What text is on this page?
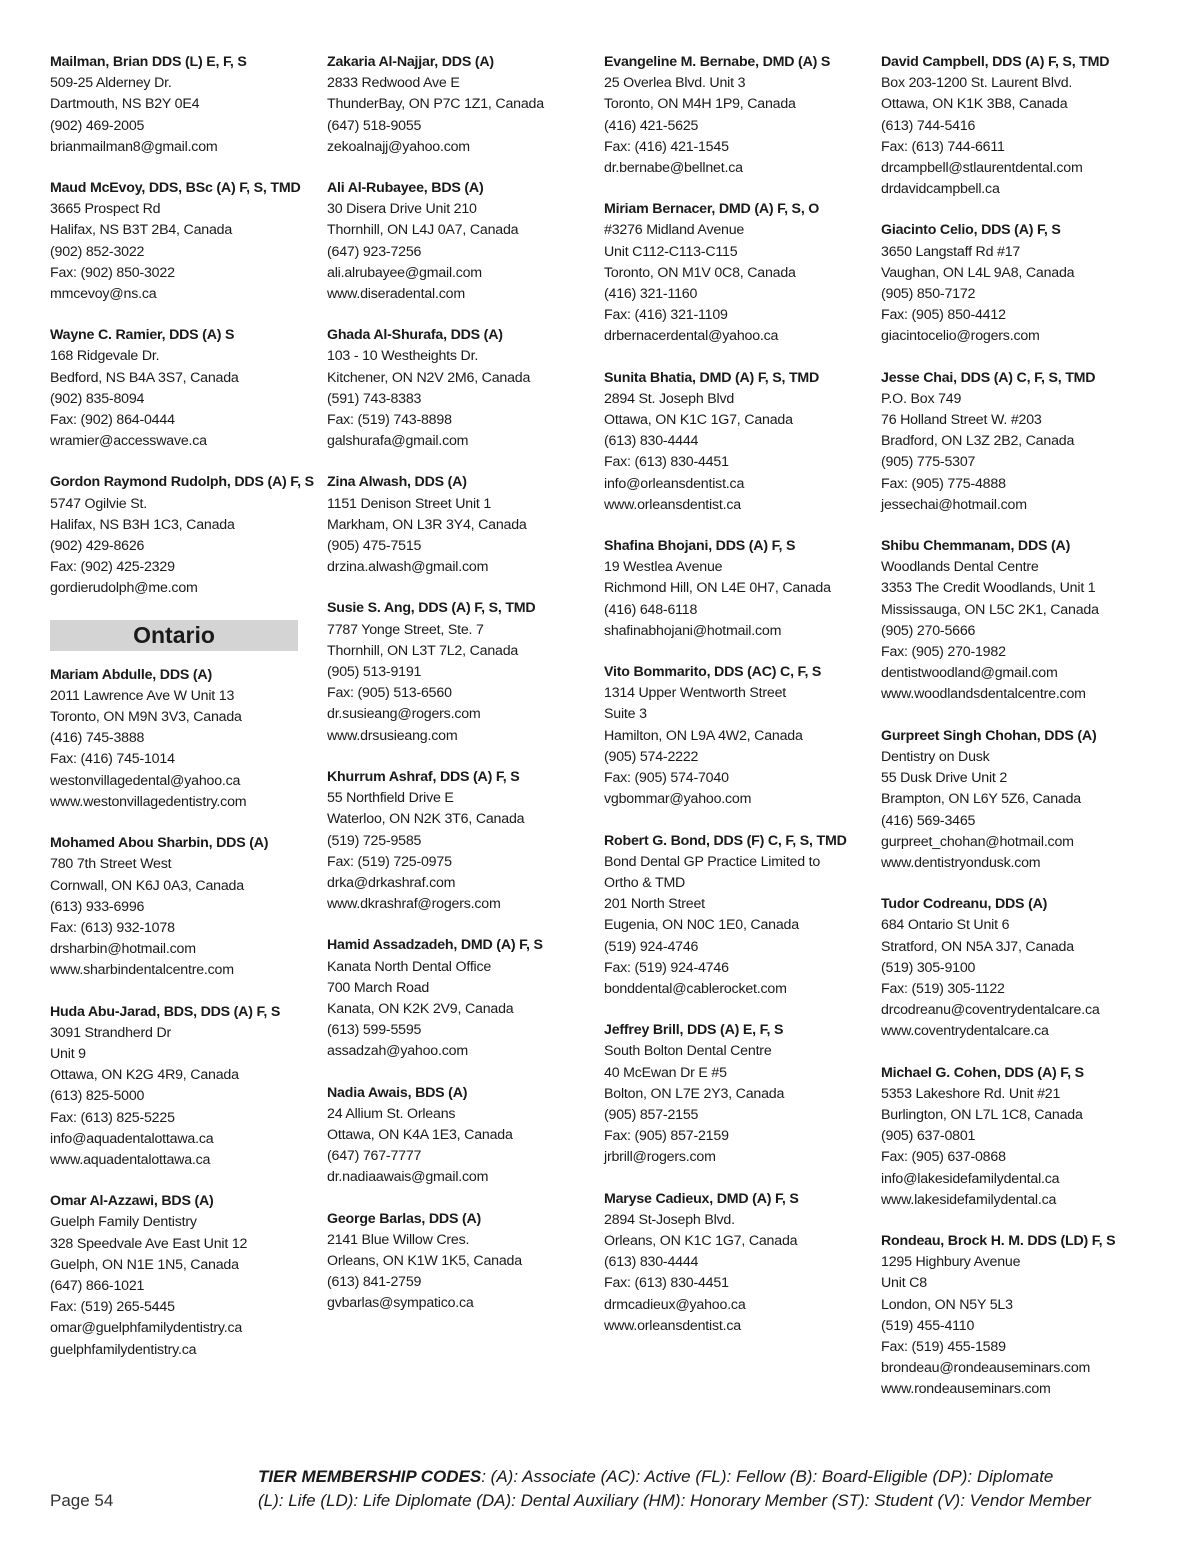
Mailman, Brian DDS (L) E, F, S
509-25 Alderney Dr.
Dartmouth, NS B2Y 0E4
(902) 469-2005
brianmailman8@gmail.com
Maud McEvoy, DDS, BSc (A) F, S, TMD
3665 Prospect Rd
Halifax, NS B3T 2B4, Canada
(902) 852-3022
Fax: (902) 850-3022
mmcevoy@ns.ca
Wayne C. Ramier, DDS (A) S
168 Ridgevale Dr.
Bedford, NS B4A 3S7, Canada
(902) 835-8094
Fax: (902) 864-0444
wramier@accesswave.ca
Gordon Raymond Rudolph, DDS (A) F, S
5747 Ogilvie St.
Halifax, NS B3H 1C3, Canada
(902) 429-8626
Fax: (902) 425-2329
gordierudolph@me.com
Ontario
Mariam Abdulle, DDS (A)
2011 Lawrence Ave W Unit 13
Toronto, ON M9N 3V3, Canada
(416) 745-3888
Fax: (416) 745-1014
westonvillagedental@yahoo.ca
www.westonvillagedentistry.com
Mohamed Abou Sharbin, DDS (A)
780 7th Street West
Cornwall, ON K6J 0A3, Canada
(613) 933-6996
Fax: (613) 932-1078
drsharbin@hotmail.com
www.sharbindentalcentre.com
Huda Abu-Jarad, BDS, DDS (A) F, S
3091 Strandherd Dr
Unit 9
Ottawa, ON K2G 4R9, Canada
(613) 825-5000
Fax: (613) 825-5225
info@aquadentalottawa.ca
www.aquadentalottawa.ca
Omar Al-Azzawi, BDS (A)
Guelph Family Dentistry
328 Speedvale Ave East Unit 12
Guelph, ON N1E 1N5, Canada
(647) 866-1021
Fax: (519) 265-5445
omar@guelphfamilydentistry.ca
guelphfamilydentistry.ca
Zakaria Al-Najjar, DDS (A)
2833 Redwood Ave E
ThunderBay, ON P7C 1Z1, Canada
(647) 518-9055
zekoalnajj@yahoo.com
Ali Al-Rubayee, BDS (A)
30 Disera Drive Unit 210
Thornhill, ON L4J 0A7, Canada
(647) 923-7256
ali.alrubayee@gmail.com
www.diseradental.com
Ghada Al-Shurafa, DDS (A)
103 - 10 Westheights Dr.
Kitchener, ON N2V 2M6, Canada
(591) 743-8383
Fax: (519) 743-8898
galshurafa@gmail.com
Zina Alwash, DDS (A)
1151 Denison Street Unit 1
Markham, ON L3R 3Y4, Canada
(905) 475-7515
drzina.alwash@gmail.com
Susie S. Ang, DDS (A) F, S, TMD
7787 Yonge Street, Ste. 7
Thornhill, ON L3T 7L2, Canada
(905) 513-9191
Fax: (905) 513-6560
dr.susieang@rogers.com
www.drsusieang.com
Khurrum Ashraf, DDS (A) F, S
55 Northfield Drive E
Waterloo, ON N2K 3T6, Canada
(519) 725-9585
Fax: (519) 725-0975
drka@drkashraf.com
www.dkrashraf@rogers.com
Hamid Assadzadeh, DMD (A) F, S
Kanata North Dental Office
700 March Road
Kanata, ON K2K 2V9, Canada
(613) 599-5595
assadzah@yahoo.com
Nadia Awais, BDS (A)
24 Allium St. Orleans
Ottawa, ON K4A 1E3, Canada
(647) 767-7777
dr.nadiaawais@gmail.com
George Barlas, DDS (A)
2141 Blue Willow Cres.
Orleans, ON K1W 1K5, Canada
(613) 841-2759
gvbarlas@sympatico.ca
Evangeline M. Bernabe, DMD (A) S
25 Overlea Blvd. Unit 3
Toronto, ON M4H 1P9, Canada
(416) 421-5625
Fax: (416) 421-1545
dr.bernabe@bellnet.ca
Miriam Bernacer, DMD (A) F, S, O
#3276 Midland Avenue
Unit C112-C113-C115
Toronto, ON M1V 0C8, Canada
(416) 321-1160
Fax: (416) 321-1109
drbernacerdental@yahoo.ca
Sunita Bhatia, DMD (A) F, S, TMD
2894 St. Joseph Blvd
Ottawa, ON K1C 1G7, Canada
(613) 830-4444
Fax: (613) 830-4451
info@orleansdentist.ca
www.orleansdentist.ca
Shafina Bhojani, DDS (A) F, S
19 Westlea Avenue
Richmond Hill, ON L4E 0H7, Canada
(416) 648-6118
shafinabhojani@hotmail.com
Vito Bommarito, DDS (AC) C, F, S
1314 Upper Wentworth Street
Suite 3
Hamilton, ON L9A 4W2, Canada
(905) 574-2222
Fax: (905) 574-7040
vgbommar@yahoo.com
Robert G. Bond, DDS (F) C, F, S, TMD
Bond Dental GP Practice Limited to
Ortho & TMD
201 North Street
Eugenia, ON N0C 1E0, Canada
(519) 924-4746
Fax: (519) 924-4746
bonddental@cablerocket.com
Jeffrey Brill, DDS (A) E, F, S
South Bolton Dental Centre
40 McEwan Dr E #5
Bolton, ON L7E 2Y3, Canada
(905) 857-2155
Fax: (905) 857-2159
jrbrill@rogers.com
Maryse Cadieux, DMD (A) F, S
2894 St-Joseph Blvd.
Orleans, ON K1C 1G7, Canada
(613) 830-4444
Fax: (613) 830-4451
drmcadieux@yahoo.ca
www.orleansdentist.ca
David Campbell, DDS (A) F, S, TMD
Box 203-1200 St. Laurent Blvd.
Ottawa, ON K1K 3B8, Canada
(613) 744-5416
Fax: (613) 744-6611
drcampbell@stlaurentdental.com
drdavidcampbell.ca
Giacinto Celio, DDS (A) F, S
3650 Langstaff Rd #17
Vaughan, ON L4L 9A8, Canada
(905) 850-7172
Fax: (905) 850-4412
giacintocelio@rogers.com
Jesse Chai, DDS (A) C, F, S, TMD
P.O. Box 749
76 Holland Street W. #203
Bradford, ON L3Z 2B2, Canada
(905) 775-5307
Fax: (905) 775-4888
jessechai@hotmail.com
Shibu Chemmanam, DDS (A)
Woodlands Dental Centre
3353 The Credit Woodlands, Unit 1
Mississauga, ON L5C 2K1, Canada
(905) 270-5666
Fax: (905) 270-1982
dentistwoodland@gmail.com
www.woodlandsdentalcentre.com
Gurpreet Singh Chohan, DDS (A)
Dentistry on Dusk
55 Dusk Drive Unit 2
Brampton, ON L6Y 5Z6, Canada
(416) 569-3465
gurpreet_chohan@hotmail.com
www.dentistryondusk.com
Tudor Codreanu, DDS (A)
684 Ontario St Unit 6
Stratford, ON N5A 3J7, Canada
(519) 305-9100
Fax: (519) 305-1122
drcodreanu@coventrydentalcare.ca
www.coventrydentalcare.ca
Michael G. Cohen, DDS (A) F, S
5353 Lakeshore Rd. Unit #21
Burlington, ON L7L 1C8, Canada
(905) 637-0801
Fax: (905) 637-0868
info@lakesidefamilydental.ca
www.lakesidefamilydental.ca
Rondeau, Brock H. M. DDS (LD) F, S
1295 Highbury Avenue
Unit C8
London, ON N5Y 5L3
(519) 455-4110
Fax: (519) 455-1589
brondeau@rondeauseminars.com
www.rondeauseminars.com
TIER MEMBERSHIP CODES: (A): Associate (AC): Active (FL): Fellow (B): Board-Eligible (DP): Diplomate
(L): Life (LD): Life Diplomate (DA): Dental Auxiliary (HM): Honorary Member (ST): Student (V): Vendor Member
Page 54
